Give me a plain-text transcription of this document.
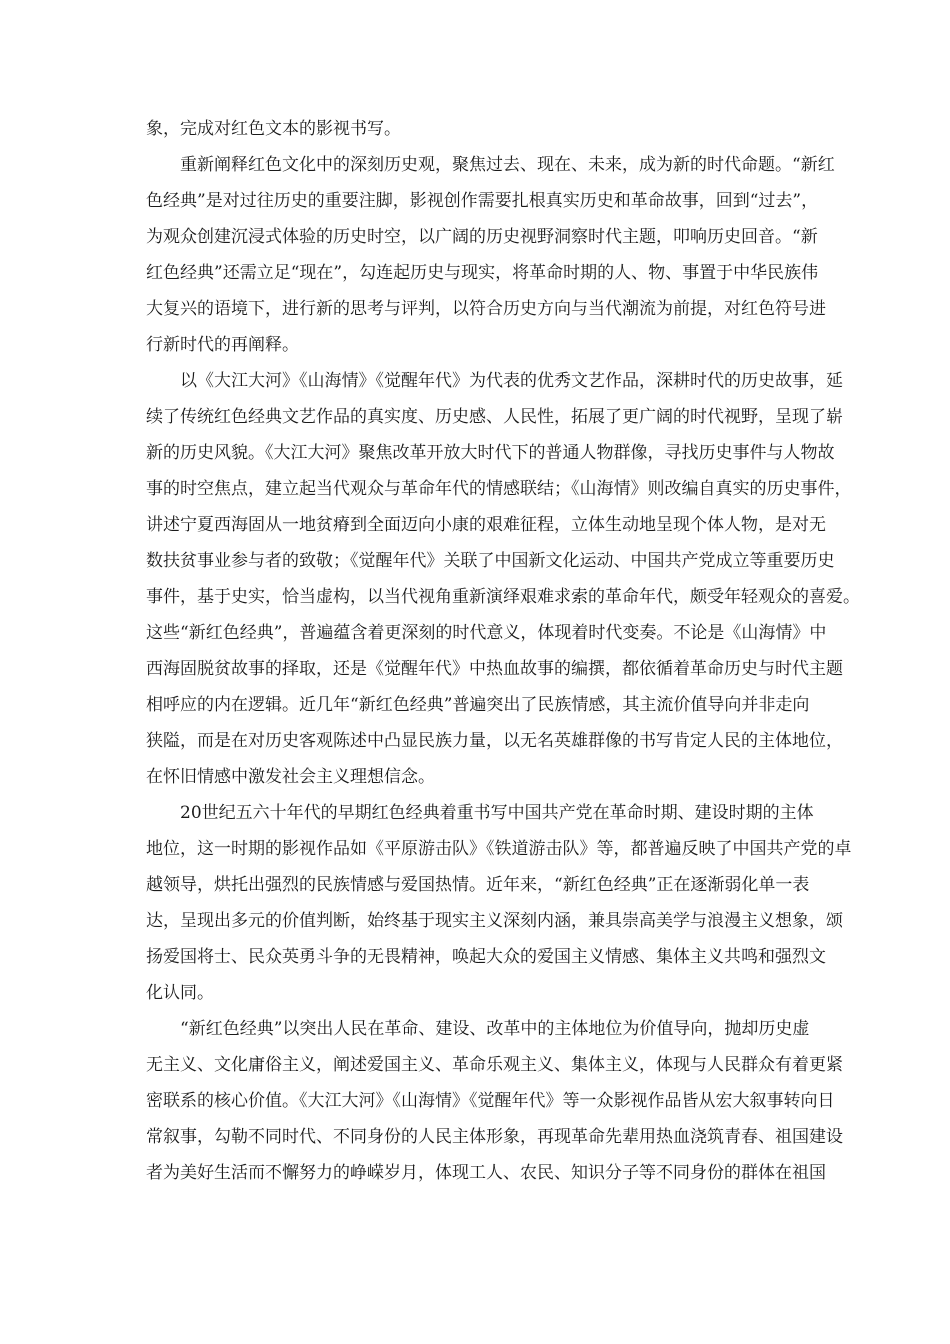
象，完成对红色文本的影视书写。
重新阐释红色文化中的深刻历史观，聚焦过去、现在、未来，成为新的时代命题。“新红
色经典”是对过往历史的重要注脚，影视创作需要扎根真实历史和革命故事，回到“过去”，
为观众创建沉浸式体验的历史时空，以广阔的历史视野洞察时代主题，叩响历史回音。“新
红色经典”还需立足“现在”，勾连起历史与现实，将革命时期的人、物、事置于中华民族伟
大复兴的语境下，进行新的思考与评判，以符合历史方向与当代潮流为前提，对红色符号进
行新时代的再阐释。
以《大江大河》《山海情》《觉醒年代》为代表的优秀文艺作品，深耕时代的历史故事，延
续了传统红色经典文艺作品的真实度、历史感、人民性，拓展了更广阔的时代视野，呈现了崭
新的历史风貌。《大江大河》聚焦改革开放大时代下的普通人物群像，寻找历史事件与人物故
事的时空焦点，建立起当代观众与革命年代的情感联结；《山海情》则改编自真实的历史事件，
讲述宁夏西海固从一地贫瘠到全面迈向小康的艰难征程，立体生动地呈现个体人物，是对无
数扶贫事业参与者的致敬；《觉醒年代》关联了中国新文化运动、中国共产党成立等重要历史
事件，基于史实，恰当虚构，以当代视角重新演绎艰难求索的革命年代，颇受年轻观众的喜爱。
这些“新红色经典”，普遍蕴含着更深刻的时代意义，体现着时代变奏。不论是《山海情》中
西海固脱贫故事的择取，还是《觉醒年代》中热血故事的编撰，都依循着革命历史与时代主题
相呼应的内在逻辑。近几年“新红色经典”普遍突出了民族情感，其主流价值导向并非走向
狭隘，而是在对历史客观陈述中凸显民族力量，以无名英雄群像的书写肯定人民的主体地位，
在怀旧情感中激发社会主义理想信念。
20世纪五六十年代的早期红色经典着重书写中国共产党在革命时期、建设时期的主体
地位，这一时期的影视作品如《平原游击队》《铁道游击队》等，都普遍反映了中国共产党的卓
越领导，烘托出强烈的民族情感与爱国热情。近年来，“新红色经典”正在逐渐弱化单一表
达，呈现出多元的价值判断，始终基于现实主义深刻内涵，兼具崇高美学与浪漫主义想象，颂
扬爱国将士、民众英勇斗争的无畏精神，唤起大众的爱国主义情感、集体主义共鸣和强烈文
化认同。
“新红色经典”以突出人民在革命、建设、改革中的主体地位为价值导向，抛却历史虚
无主义、文化庸俗主义，阐述爱国主义、革命乐观主义、集体主义，体现与人民群众有着更紧
密联系的核心价值。《大江大河》《山海情》《觉醒年代》等一众影视作品皆从宏大叙事转向日
常叙事，勾勒不同时代、不同身份的人民主体形象，再现革命先辈用热血浇筑青春、祖国建设
者为美好生活而不懈努力的峥嵘岁月，体现工人、农民、知识分子等不同身份的群体在祖国
